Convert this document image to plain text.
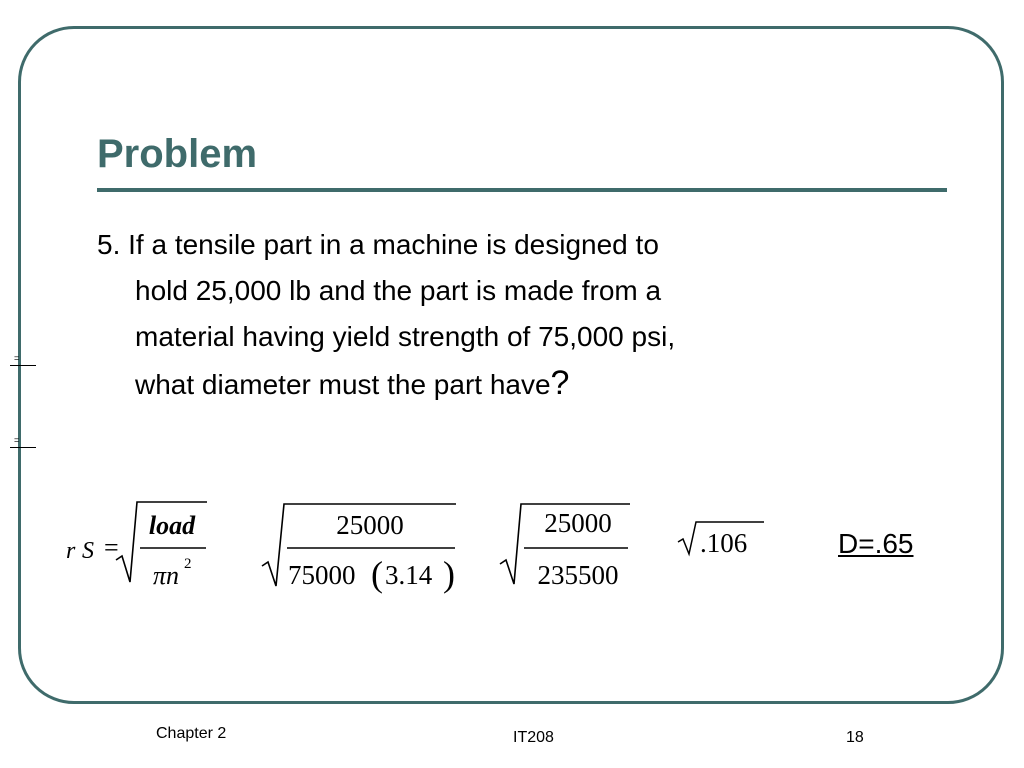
Problem
5. If a tensile part in a machine is designed to
hold 25,000 lb and the part is made from a
material having yield strength of 75,000 psi,
what diameter must the part have?
=
=
r S =
load
πn 2
25000
75000 ( 3.14 )
25000
235500
.106	D=.65
Chapter 2	IT208	18
